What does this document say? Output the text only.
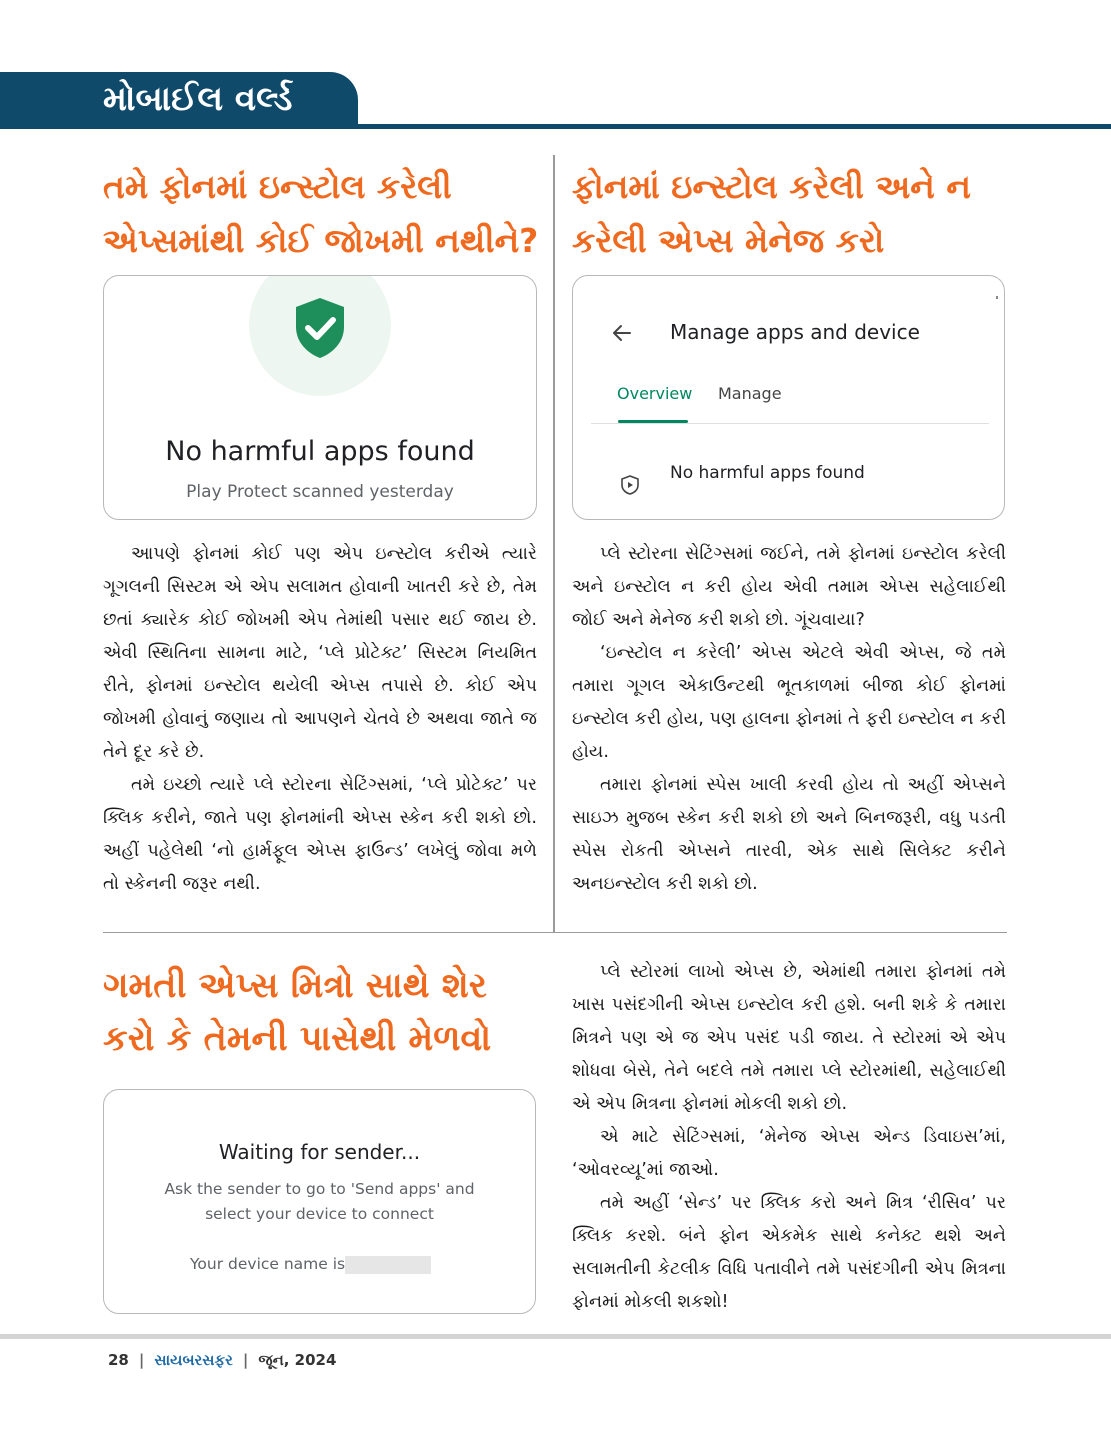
મોબાઈલ વર્લ્ડ
તમે ફોનમાં ઇન્સ્ટોલ કરેલી એપ્સમાંથી કોઈ જોખમી નથીને?
No harmful apps found
Play Protect scanned yesterday

આપણે ફોનમાં કોઈ પણ એપ ઇન્સ્ટોલ કરીએ ત્યારે ગૂગલની સિસ્ટમ એ એપ સલામત હોવાની ખાતરી કરે છે, તેમ છતાં ક્યારેક કોઈ જોખમી એપ તેમાંથી પસાર થઈ જાય છે. એવી સ્થિતિના સામના માટે, ‘પ્લે પ્રોટેક્ટ’ સિસ્ટમ નિયમિત રીતે, ફોનમાં ઇન્સ્ટોલ થયેલી એપ્સ તપાસે છે. કોઈ એપ જોખમી હોવાનું જણાય તો આપણને ચેતવે છે અથવા જાતે જ તેને દૂર કરે છે.

તમે ઇચ્છો ત્યારે પ્લે સ્ટોરના સેટિંગ્સમાં, ‘પ્લે પ્રોટેક્ટ’ પર ક્લિક કરીને, જાતે પણ ફોનમાંની એપ્સ સ્કેન કરી શકો છો. અહીં પહેલેથી ‘નો હાર્મફૂલ એપ્સ ફાઉન્ડ’ લખેલું જોવા મળે તો સ્કેનની જરૂર નથી.

ફોનમાં ઇન્સ્ટોલ કરેલી અને ન કરેલી એપ્સ મેનેજ કરો
Manage apps and device
Overview Manage
No harmful apps found

પ્લે સ્ટોરના સેટિંગ્સમાં જઈને, તમે ફોનમાં ઇન્સ્ટોલ કરેલી અને ઇન્સ્ટોલ ન કરી હોય એવી તમામ એપ્સ સહેલાઈથી જોઈ અને મેનેજ કરી શકો છો. ગૂંચવાયા?

‘ઇન્સ્ટોલ ન કરેલી’ એપ્સ એટલે એવી એપ્સ, જે તમે તમારા ગૂગલ એકાઉન્ટથી ભૂતકાળમાં બીજા કોઈ ફોનમાં ઇન્સ્ટોલ કરી હોય, પણ હાલના ફોનમાં તે ફરી ઇન્સ્ટોલ ન કરી હોય.

તમારા ફોનમાં સ્પેસ ખાલી કરવી હોય તો અહીં એપ્સને સાઇઝ મુજબ સ્કેન કરી શકો છો અને બિનજરૂરી, વધુ પડતી સ્પેસ રોકતી એપ્સને તારવી, એક સાથે સિલેક્ટ કરીને અનઇન્સ્ટોલ કરી શકો છો.

ગમતી એપ્સ મિત્રો સાથે શેર કરો કે તેમની પાસેથી મેળવો
Waiting for sender...
Ask the sender to go to 'Send apps' and
select your device to connect
Your device name is

પ્લે સ્ટોરમાં લાખો એપ્સ છે, એમાંથી તમારા ફોનમાં તમે ખાસ પસંદગીની એપ્સ ઇન્સ્ટોલ કરી હશે. બની શકે કે તમારા મિત્રને પણ એ જ એપ પસંદ પડી જાય. તે સ્ટોરમાં એ એપ શોધવા બેસે, તેને બદલે તમે તમારા પ્લે સ્ટોરમાંથી, સહેલાઈથી એ એપ મિત્રના ફોનમાં મોકલી શકો છો.

એ માટે સેટિંગ્સમાં, ‘મેનેજ એપ્સ એન્ડ ડિવાઇસ’માં, ‘ઓવરવ્યૂ’માં જાઓ.

તમે અહીં ‘સેન્ડ’ પર ક્લિક કરો અને મિત્ર ‘રીસિવ’ પર ક્લિક કરશે. બંને ફોન એકમેક સાથે કનેક્ટ થશે અને સલામતીની કેટલીક વિધિ પતાવીને તમે પસંદગીની એપ મિત્રના ફોનમાં મોકલી શકશો!

28 | સાયબરસફર | જૂન, 2024
